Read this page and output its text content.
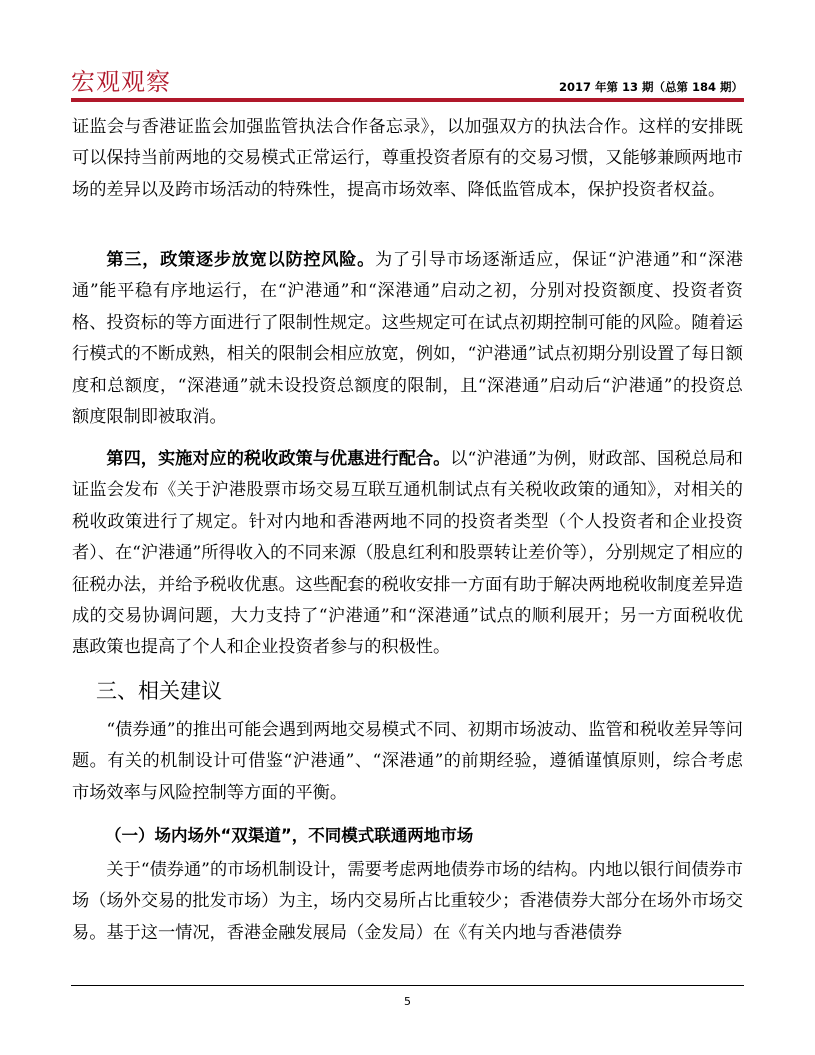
宏观观察	2017 年第 13 期（总第 184 期）

证监会与香港证监会加强监管执法合作备忘录》，以加强双方的执法合作。这样的安排既可以保持当前两地的交易模式正常运行，尊重投资者原有的交易习惯，又能够兼顾两地市场的差异以及跨市场活动的特殊性，提高市场效率、降低监管成本，保护投资者权益。

第三，政策逐步放宽以防控风险。为了引导市场逐渐适应，保证“沪港通”和“深港通”能平稳有序地运行，在“沪港通”和“深港通”启动之初，分别对投资额度、投资者资格、投资标的等方面进行了限制性规定。这些规定可在试点初期控制可能的风险。随着运行模式的不断成熟，相关的限制会相应放宽，例如，“沪港通”试点初期分别设置了每日额度和总额度，“深港通”就未设投资总额度的限制，且“深港通”启动后“沪港通”的投资总额度限制即被取消。

第四，实施对应的税收政策与优惠进行配合。以“沪港通”为例，财政部、国税总局和证监会发布《关于沪港股票市场交易互联互通机制试点有关税收政策的通知》，对相关的税收政策进行了规定。针对内地和香港两地不同的投资者类型（个人投资者和企业投资者）、在“沪港通”所得收入的不同来源（股息红利和股票转让差价等），分别规定了相应的征税办法，并给予税收优惠。这些配套的税收安排一方面有助于解决两地税收制度差异造成的交易协调问题，大力支持了“沪港通”和“深港通”试点的顺利展开；另一方面税收优惠政策也提高了个人和企业投资者参与的积极性。

三、相关建议

“债券通”的推出可能会遇到两地交易模式不同、初期市场波动、监管和税收差异等问题。有关的机制设计可借鉴“沪港通”、“深港通”的前期经验，遵循谨慎原则，综合考虑市场效率与风险控制等方面的平衡。

（一）场内场外“双渠道”，不同模式联通两地市场

关于“债券通”的市场机制设计，需要考虑两地债券市场的结构。内地以银行间债券市场（场外交易的批发市场）为主，场内交易所占比重较少；香港债券大部分在场外市场交易。基于这一情况，香港金融发展局（金发局）在《有关内地与香港债券

5
